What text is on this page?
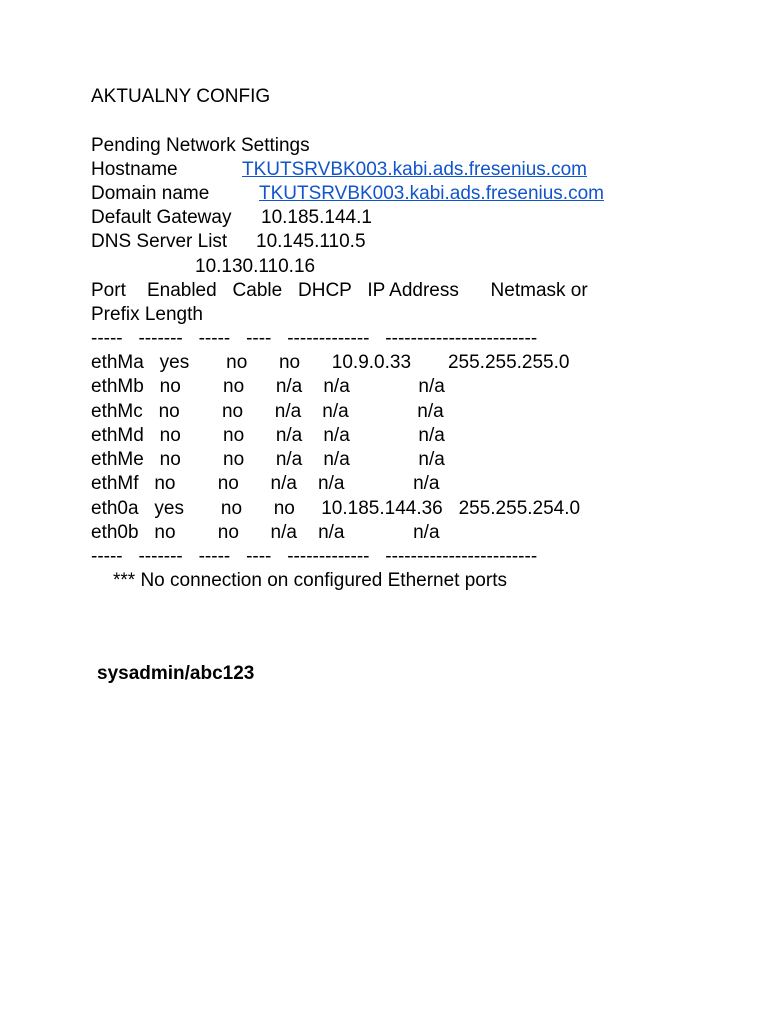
AKTUALNY CONFIG
Pending Network Settings
Hostname	TKUTSRVBK003.kabi.ads.fresenius.com
Domain name	TKUTSRVBK003.kabi.ads.fresenius.com
Default Gateway 10.185.144.1
DNS Server List 10.145.110.5
10.130.110.16
Port    Enabled   Cable   DHCP   IP Address      Netmask or
Prefix Length
-----   -------   -----   ----   -------------   ------------------------
ethMa   yes       no      no      10.9.0.33       255.255.255.0
ethMb   no        no      n/a    n/a             n/a
ethMc   no        no      n/a    n/a             n/a
ethMd   no        no      n/a    n/a             n/a
ethMe   no        no      n/a    n/a             n/a
ethMf   no        no      n/a    n/a             n/a
eth0a   yes       no      no     10.185.144.36   255.255.254.0
eth0b   no        no      n/a    n/a             n/a
-----   -------   -----   ----   -------------   ------------------------
*** No connection on configured Ethernet ports
sysadmin/abc123
